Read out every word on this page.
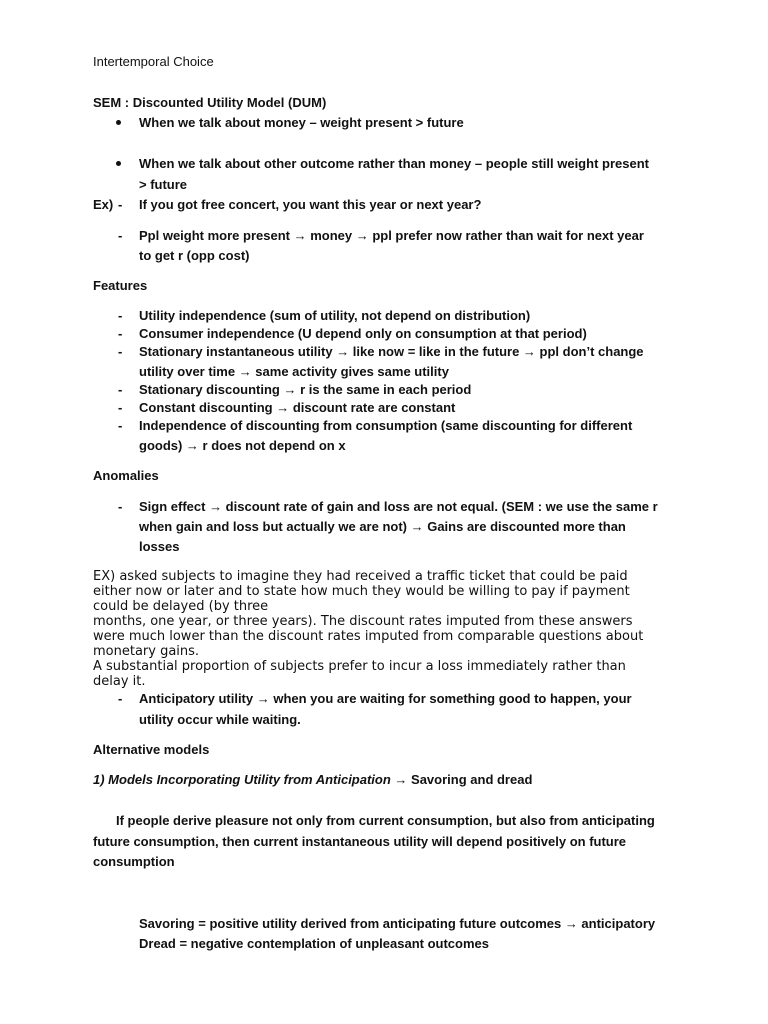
Intertemporal Choice
SEM : Discounted Utility Model (DUM)
When we talk about money – weight present > future
When we talk about other outcome rather than money – people still weight present
> future
Ex) - If you got free concert, you want this year or next year?
- Ppl weight more present → money → ppl prefer now rather than wait for next year
to get r (opp cost)
Features
- Utility independence (sum of utility, not depend on distribution)
- Consumer independence (U depend only on consumption at that period)
- Stationary instantaneous utility → like now = like in the future → ppl don’t change
utility over time → same activity gives same utility
- Stationary discounting → r is the same in each period
- Constant discounting → discount rate are constant
- Independence of discounting from consumption (same discounting for different
goods) → r does not depend on x
Anomalies
- Sign effect → discount rate of gain and loss are not equal. (SEM : we use the same r
when gain and loss but actually we are not) → Gains are discounted more than
losses
EX) asked subjects to imagine they had received a traffic ticket that could be paid
either now or later and to state how much they would be willing to pay if payment
could be delayed (by three
months, one year, or three years). The discount rates imputed from these answers
were much lower than the discount rates imputed from comparable questions about
monetary gains.
A substantial proportion of subjects prefer to incur a loss immediately rather than
delay it.
- Anticipatory utility → when you are waiting for something good to happen, your
utility occur while waiting.
Alternative models
1) Models Incorporating Utility from Anticipation → Savoring and dread
If people derive pleasure not only from current consumption, but also from anticipating
future consumption, then current instantaneous utility will depend positively on future
consumption
Savoring = positive utility derived from anticipating future outcomes → anticipatory
Dread = negative contemplation of unpleasant outcomes
